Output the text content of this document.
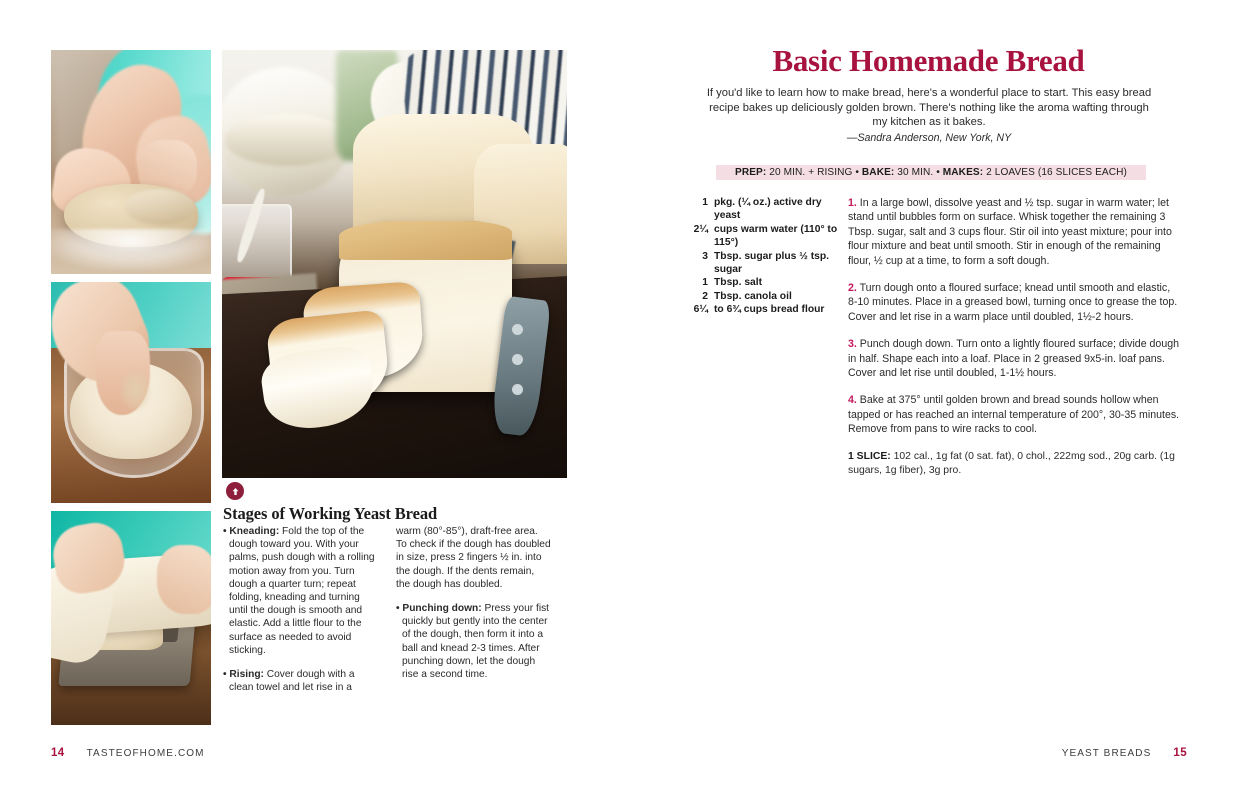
Stages of Working Yeast Bread
• Kneading: Fold the top of the dough toward you. With your palms, push dough with a rolling motion away from you. Turn dough a quarter turn; repeat folding, kneading and turning until the dough is smooth and elastic. Add a little flour to the surface as needed to avoid sticking.
• Rising: Cover dough with a clean towel and let rise in a
warm (80°-85°), draft-free area. To check if the dough has doubled in size, press 2 fingers ½ in. into the dough. If the dents remain, the dough has doubled.
• Punching down: Press your fist quickly but gently into the center of the dough, then form it into a ball and knead 2-3 times. After punching down, let the dough rise a second time.
14 TASTEOFHOME.COM
Basic Homemade Bread
If you'd like to learn how to make bread, here's a wonderful place to start. This easy bread recipe bakes up deliciously golden brown. There's nothing like the aroma wafting through my kitchen as it bakes.
—Sandra Anderson, New York, NY
PREP: 20 MIN. + RISING • BAKE: 30 MIN. • MAKES: 2 LOAVES (16 SLICES EACH)
1 pkg. (¼ oz.) active dry yeast
2¼ cups warm water (110° to 115°)
3 Tbsp. sugar plus ½ tsp. sugar
1 Tbsp. salt
2 Tbsp. canola oil
6¼ to 6¾ cups bread flour
1. In a large bowl, dissolve yeast and ½ tsp. sugar in warm water; let stand until bubbles form on surface. Whisk together the remaining 3 Tbsp. sugar, salt and 3 cups flour. Stir oil into yeast mixture; pour into flour mixture and beat until smooth. Stir in enough of the remaining flour, ½ cup at a time, to form a soft dough.
2. Turn dough onto a floured surface; knead until smooth and elastic, 8-10 minutes. Place in a greased bowl, turning once to grease the top. Cover and let rise in a warm place until doubled, 1½-2 hours.
3. Punch dough down. Turn onto a lightly floured surface; divide dough in half. Shape each into a loaf. Place in 2 greased 9x5-in. loaf pans. Cover and let rise until doubled, 1-1½ hours.
4. Bake at 375° until golden brown and bread sounds hollow when tapped or has reached an internal temperature of 200°, 30-35 minutes. Remove from pans to wire racks to cool.
1 SLICE: 102 cal., 1g fat (0 sat. fat), 0 chol., 222mg sod., 20g carb. (1g sugars, 1g fiber), 3g pro.
YEAST BREADS 15
